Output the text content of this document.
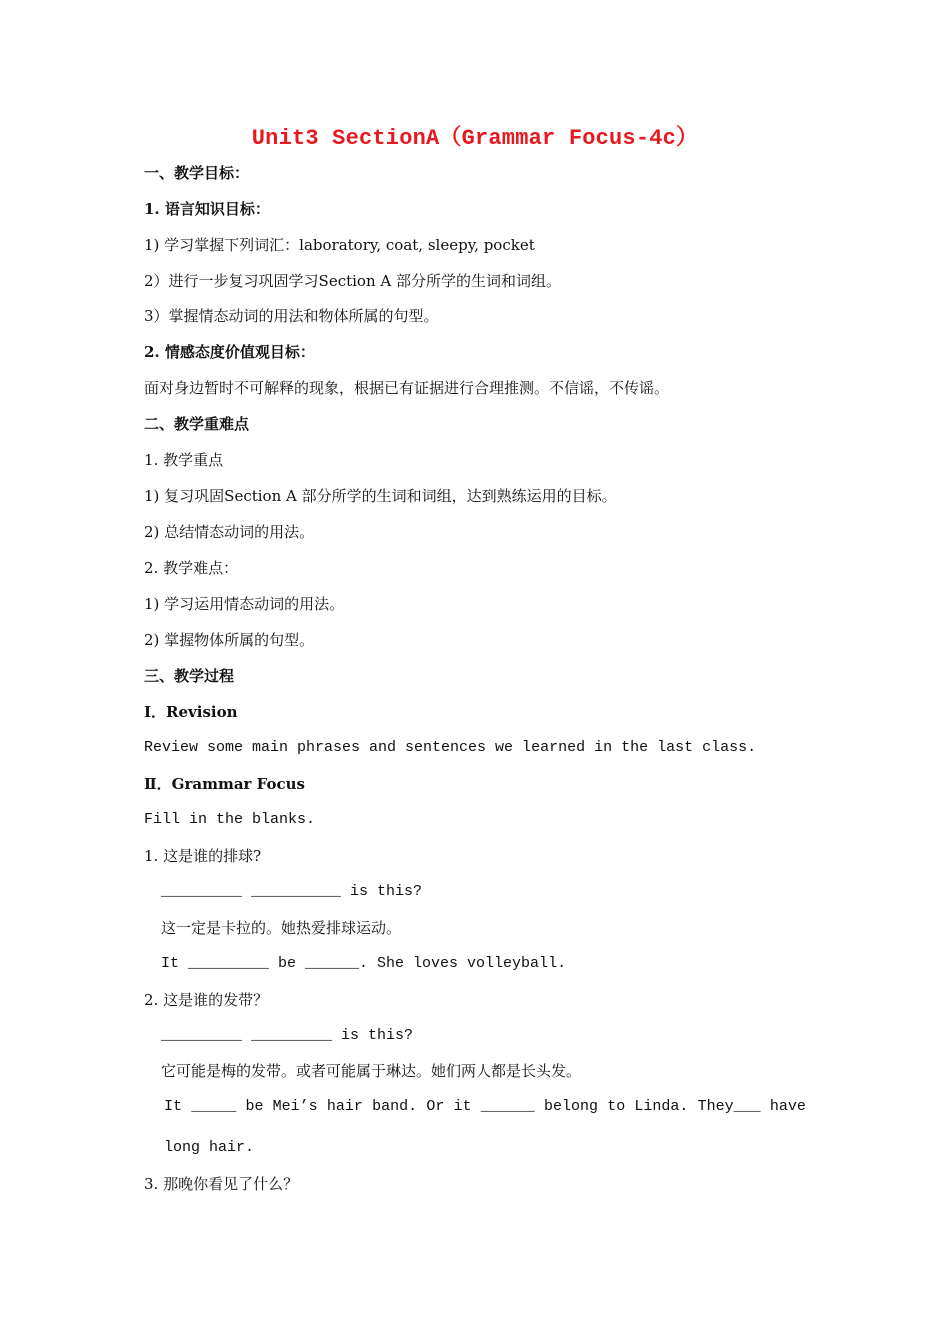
Unit3 SectionA（Grammar Focus-4c）
一、教学目标：
1. 语言知识目标：
1) 学习掌握下列词汇：laboratory, coat, sleepy, pocket
2）进行一步复习巩固学习Section A 部分所学的生词和词组。
3）掌握情态动词的用法和物体所属的句型。
2. 情感态度价值观目标：
面对身边暂时不可解释的现象，根据已有证据进行合理推测。不信谣，不传谣。
二、教学重难点
1. 教学重点
1) 复习巩固Section A 部分所学的生词和词组，达到熟练运用的目标。
2) 总结情态动词的用法。
2. 教学难点：
1) 学习运用情态动词的用法。
2) 掌握物体所属的句型。
三、教学过程
Ⅰ．Revision
Review some main phrases and sentences we learned in the last class.
Ⅱ．Grammar Focus
Fill in the blanks.
1. 这是谁的排球?
_________ __________ is this?
这一定是卡拉的。她热爱排球运动。
It _________ be ______. She loves volleyball.
2. 这是谁的发带？
_________ _________ is this?
它可能是梅的发带。或者可能属于琳达。她们两人都是长头发。
It _____ be Mei’s hair band. Or it ______ belong to Linda. They___ have
long hair.
3. 那晚你看见了什么？
